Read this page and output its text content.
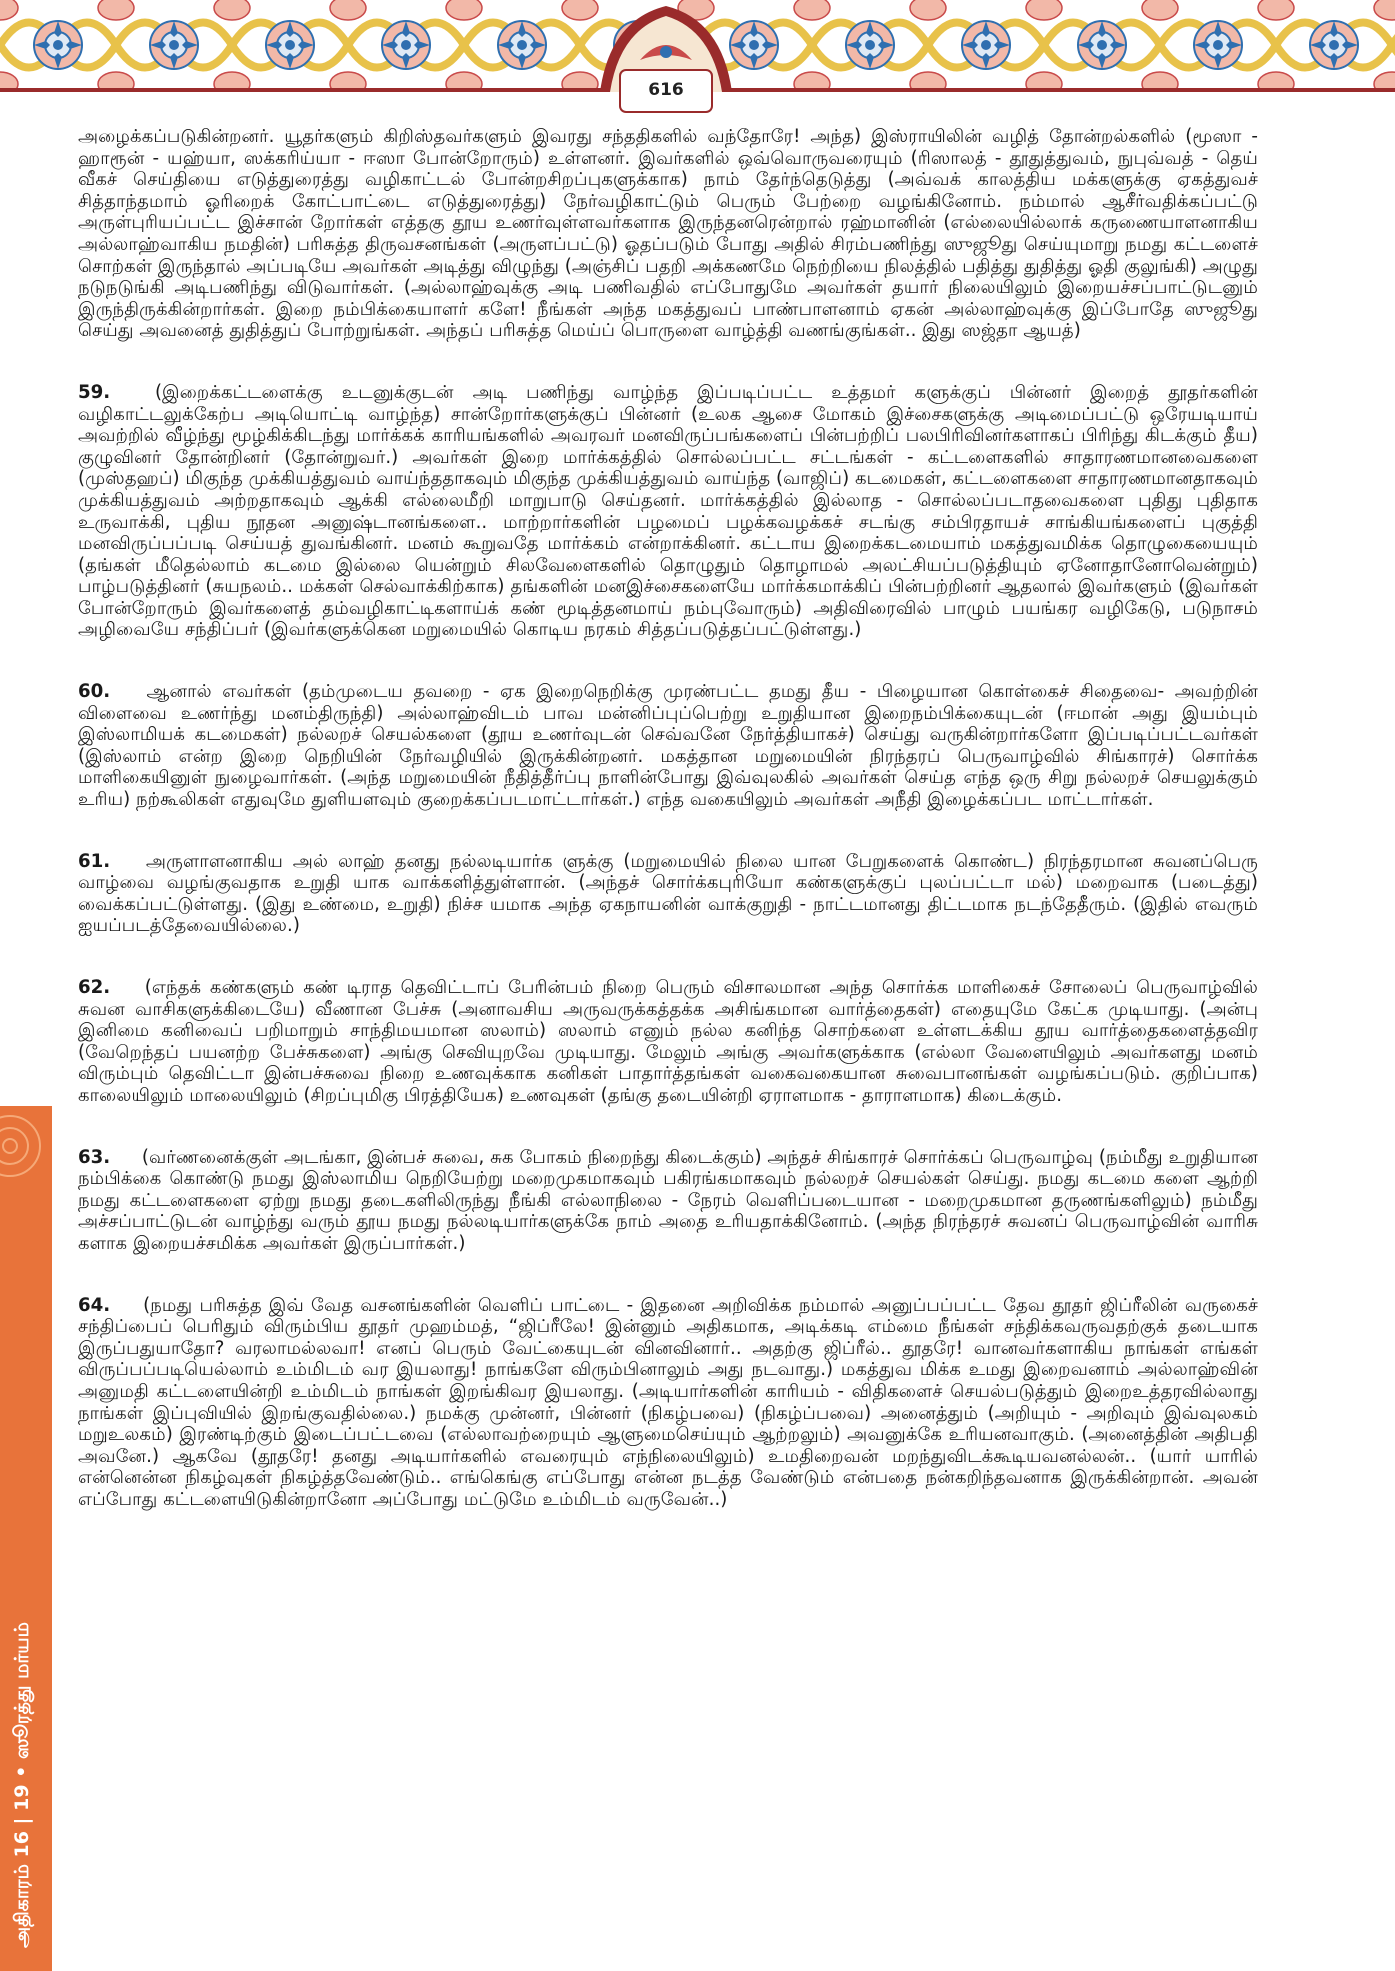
616
அதிகாரம் 16 | 19 • ஸூரத்து மர்யம்

அழைக்கப்படுகின்றனர். யூதர்களும் கிறிஸ்தவர்களும் இவரது சந்ததிகளில் வந்தோரே! அந்த) இஸ்ராயிலின் வழித் தோன்றல்களில் (மூஸா - ஹாரூன் - யஹ்யா, ஸக்கரிய்யா - ஈஸா போன்றோரும்) உள்ளனர். இவர்களில் ஒவ்வொருவரையும் (ரிஸாலத் - தூதுத்துவம், நுபுவ்வத் - தெய் வீகச் செய்தியை எடுத்துரைத்து வழிகாட்டல் போன்றசிறப்புகளுக்காக) நாம் தேர்ந்தெடுத்து (அவ்வக் காலத்திய மக்களுக்கு ஏகத்துவச் சித்தாந்தமாம் ஓரிறைக் கோட்பாட்டை எடுத்துரைத்து) நேர்வழிகாட்டும் பெரும் பேற்றை வழங்கினோம். நம்மால் ஆசீர்வதிக்கப்பட்டு அருள்புரியப்பட்ட இச்சான் றோர்கள் எத்தகு தூய உணர்வுள்ளவர்களாக இருந்தனரென்றால் ரஹ்மானின் (எல்லையில்லாக் கருணையாளனாகிய அல்லாஹ்வாகிய நமதின்) பரிசுத்த திருவசனங்கள் (அருளப்பட்டு) ஓதப்படும் போது அதில் சிரம்பணிந்து ஸுஜூது செய்யுமாறு நமது கட்டளைச் சொற்கள் இருந்தால் அப்படியே அவர்கள் அடித்து விழுந்து (அஞ்சிப் பதறி அக்கணமே நெற்றியை நிலத்தில் பதித்து துதித்து ஓதி குலுங்கி) அழுது நடுநடுங்கி அடிபணிந்து விடுவார்கள். (அல்லாஹ்வுக்கு அடி பணிவதில் எப்போதுமே அவர்கள் தயார் நிலையிலும் இறையச்சப்பாட்டுடனும் இருந்திருக்கின்றார்கள். இறை நம்பிக்கையாளர் களே! நீங்கள் அந்த மகத்துவப் பாண்பாளனாம் ஏகன் அல்லாஹ்வுக்கு இப்போதே ஸுஜூது செய்து அவனைத் துதித்துப் போற்றுங்கள். அந்தப் பரிசுத்த மெய்ப் பொருளை வாழ்த்தி வணங்குங்கள்.. இது ஸஜ்தா ஆயத்)

59. (இறைக்கட்டளைக்கு உடனுக்குடன் அடி பணிந்து வாழ்ந்த இப்படிப்பட்ட உத்தமர் களுக்குப் பின்னர் இறைத் தூதர்களின் வழிகாட்டலுக்கேற்ப அடியொட்டி வாழ்ந்த) சான்றோர்களுக்குப் பின்னர் (உலக ஆசை மோகம் இச்சைகளுக்கு அடிமைப்பட்டு ஒரேயடியாய் அவற்றில் வீழ்ந்து மூழ்கிக்கிடந்து மார்க்கக் காரியங்களில் அவரவர் மனவிருப்பங்களைப் பின்பற்றிப் பலபிரிவினர்களாகப் பிரிந்து கிடக்கும் தீய) குழுவினர் தோன்றினர் (தோன்றுவர்.) அவர்கள் இறை மார்க்கத்தில் சொல்லப்பட்ட சட்டங்கள் - கட்டளைகளில் சாதாரணமானவைகளை (முஸ்தஹப்) மிகுந்த முக்கியத்துவம் வாய்ந்ததாகவும் மிகுந்த முக்கியத்துவம் வாய்ந்த (வாஜிப்) கடமைகள், கட்டளைகளை சாதாரணமானதாகவும் முக்கியத்துவம் அற்றதாகவும் ஆக்கி எல்லைமீறி மாறுபாடு செய்தனர். மார்க்கத்தில் இல்லாத - சொல்லப்படாதவைகளை புதிது புதிதாக உருவாக்கி, புதிய நூதன அனுஷ்டானங்களை.. மாற்றார்களின் பழமைப் பழக்கவழக்கச் சடங்கு சம்பிரதாயச் சாங்கியங்களைப் புகுத்தி மனவிருப்பப்படி செய்யத் துவங்கினர். மனம் கூறுவதே மார்க்கம் என்றாக்கினர். கட்டாய இறைக்கடமையாம் மகத்துவமிக்க தொழுகையையும் (தங்கள் மீதெல்லாம் கடமை இல்லை யென்றும் சிலவேளைகளில் தொழுதும் தொழாமல் அலட்சியப்படுத்தியும் ஏனோதானோவென்றும்) பாழ்படுத்தினர் (சுயநலம்.. மக்கள் செல்வாக்கிற்காக) தங்களின் மனஇச்சைகளையே மார்க்கமாக்கிப் பின்பற்றினர் ஆதலால் இவர்களும் (இவர்கள் போன்றோரும் இவர்களைத் தம்வழிகாட்டிகளாய்க் கண் மூடித்தனமாய் நம்புவோரும்) அதிவிரைவில் பாழும் பயங்கர வழிகேடு, படுநாசம் அழிவையே சந்திப்பர் (இவர்களுக்கென மறுமையில் கொடிய நரகம் சித்தப்படுத்தப்பட்டுள்ளது.)

60. ஆனால் எவர்கள் (தம்முடைய தவறை - ஏக இறைநெறிக்கு முரண்பட்ட தமது தீய - பிழையான கொள்கைச் சிதைவை- அவற்றின் விளைவை உணர்ந்து மனம்திருந்தி) அல்லாஹ்விடம் பாவ மன்னிப்புப்பெற்று உறுதியான இறைநம்பிக்கையுடன் (ஈமான் அது இயம்பும் இஸ்லாமியக் கடமைகள்) நல்லறச் செயல்களை (தூய உணர்வுடன் செவ்வனே நேர்த்தியாகச்) செய்து வருகின்றார்களோ இப்படிப்பட்டவர்கள் (இஸ்லாம் என்ற இறை நெறியின் நேர்வழியில் இருக்கின்றனர். மகத்தான மறுமையின் நிரந்தரப் பெருவாழ்வில் சிங்காரச்) சொர்க்க மாளிகையினுள் நுழைவார்கள். (அந்த மறுமையின் நீதித்தீர்ப்பு நாளின்போது இவ்வுலகில் அவர்கள் செய்த எந்த ஒரு சிறு நல்லறச் செயலுக்கும் உரிய) நற்கூலிகள் எதுவுமே துளியளவும் குறைக்கப்படமாட்டார்கள்.) எந்த வகையிலும் அவர்கள் அநீதி இழைக்கப்பட மாட்டார்கள்.

61. அருளாளனாகிய அல் லாஹ் தனது நல்லடியார்க ளுக்கு (மறுமையில் நிலை யான பேறுகளைக் கொண்ட) நிரந்தரமான சுவனப்பெரு வாழ்வை வழங்குவதாக உறுதி யாக வாக்களித்துள்ளான். (அந்தச் சொர்க்கபுரியோ கண்களுக்குப் புலப்பட்டா மல்) மறைவாக (படைத்து) வைக்கப்பட்டுள்ளது. (இது உண்மை, உறுதி) நிச்ச யமாக அந்த ஏகநாயனின் வாக்குறுதி - நாட்டமானது திட்டமாக நடந்தேதீரும். (இதில் எவரும் ஐயப்படத்தேவையில்லை.)

62. (எந்தக் கண்களும் கண் டிராத தெவிட்டாப் பேரின்பம் நிறை பெரும் விசாலமான அந்த சொர்க்க மாளிகைச் சோலைப் பெருவாழ்வில் சுவன வாசிகளுக்கிடையே) வீணான பேச்சு (அனாவசிய அருவருக்கத்தக்க அசிங்கமான வார்த்தைகள்) எதையுமே கேட்க முடியாது. (அன்பு இனிமை கனிவைப் பறிமாறும் சாந்திமயமான ஸலாம்) ஸலாம் எனும் நல்ல கனிந்த சொற்களை உள்ளடக்கிய தூய வார்த்தைகளைத்தவிர (வேறெந்தப் பயனற்ற பேச்சுகளை) அங்கு செவியுறவே முடியாது. மேலும் அங்கு அவர்களுக்காக (எல்லா வேளையிலும் அவர்களது மனம் விரும்பும் தெவிட்டா இன்பச்சுவை நிறை உணவுக்காக கனிகள் பாதார்த்தங்கள் வகைவகையான சுவைபானங்கள் வழங்கப்படும். குறிப்பாக) காலையிலும் மாலையிலும் (சிறப்புமிகு பிரத்தியேக) உணவுகள் (தங்கு தடையின்றி ஏராளமாக - தாராளமாக) கிடைக்கும்.

63. (வர்ணனைக்குள் அடங்கா, இன்பச் சுவை, சுக போகம் நிறைந்து கிடைக்கும்) அந்தச் சிங்காரச் சொர்க்கப் பெருவாழ்வு (நம்மீது உறுதியான நம்பிக்கை கொண்டு நமது இஸ்லாமிய நெறியேற்று மறைமுகமாகவும் பகிரங்கமாகவும் நல்லறச் செயல்கள் செய்து. நமது கடமை களை ஆற்றி நமது கட்டளைகளை ஏற்று நமது தடைகளிலிருந்து நீங்கி எல்லாநிலை - நேரம் வெளிப்படையான - மறைமுகமான தருணங்களிலும்) நம்மீது அச்சப்பாட்டுடன் வாழ்ந்து வரும் தூய நமது நல்லடியார்களுக்கே நாம் அதை உரியதாக்கினோம். (அந்த நிரந்தரச் சுவனப் பெருவாழ்வின் வாரிசு களாக இறையச்சமிக்க அவர்கள் இருப்பார்கள்.)

64. (நமது பரிசுத்த இவ் வேத வசனங்களின் வெளிப் பாட்டை - இதனை அறிவிக்க நம்மால் அனுப்பப்பட்ட தேவ தூதர் ஜிப்ரீலின் வருகைச் சந்திப்பைப் பெரிதும் விரும்பிய தூதர் முஹம்மத், “ஜிப்ரீலே! இன்னும் அதிகமாக, அடிக்கடி எம்மை நீங்கள் சந்திக்கவருவதற்குக் தடையாக இருப்பதுயாதோ? வரலாமல்லவா! எனப் பெரும் வேட்கையுடன் வினவினார்.. அதற்கு ஜிப்ரீல்.. தூதரே! வானவர்களாகிய நாங்கள் எங்கள் விருப்பப்படியெல்லாம் உம்மிடம் வர இயலாது! நாங்களே விரும்பினாலும் அது நடவாது.) மகத்துவ மிக்க உமது இறைவனாம் அல்லாஹ்வின் அனுமதி கட்டளையின்றி உம்மிடம் நாங்கள் இறங்கிவர இயலாது. (அடியார்களின் காரியம் - விதிகளைச் செயல்படுத்தும் இறைஉத்தரவில்லாது நாங்கள் இப்புவியில் இறங்குவதில்லை.) நமக்கு முன்னர், பின்னர் (நிகழ்பவை) (நிகழ்ப்பவை) அனைத்தும் (அறியும் - அறிவும் இவ்வுலகம் மறுஉலகம்) இரண்டிற்கும் இடைப்பட்டவை (எல்லாவற்றையும் ஆளுமைசெய்யும் ஆற்றலும்) அவனுக்கே உரியனவாகும். (அனைத்தின் அதிபதி அவனே.) ஆகவே (தூதரே! தனது அடியார்களில் எவரையும் எந்நிலையிலும்) உமதிறைவன் மறந்துவிடக்கூடியவனல்லன்.. (யார் யாரில் என்னென்ன நிகழ்வுகள் நிகழ்த்தவேண்டும்.. எங்கெங்கு எப்போது என்ன நடத்த வேண்டும் என்பதை நன்கறிந்தவனாக இருக்கின்றான். அவன் எப்போது கட்டளையிடுகின்றானோ அப்போது மட்டுமே உம்மிடம் வருவேன்..)
